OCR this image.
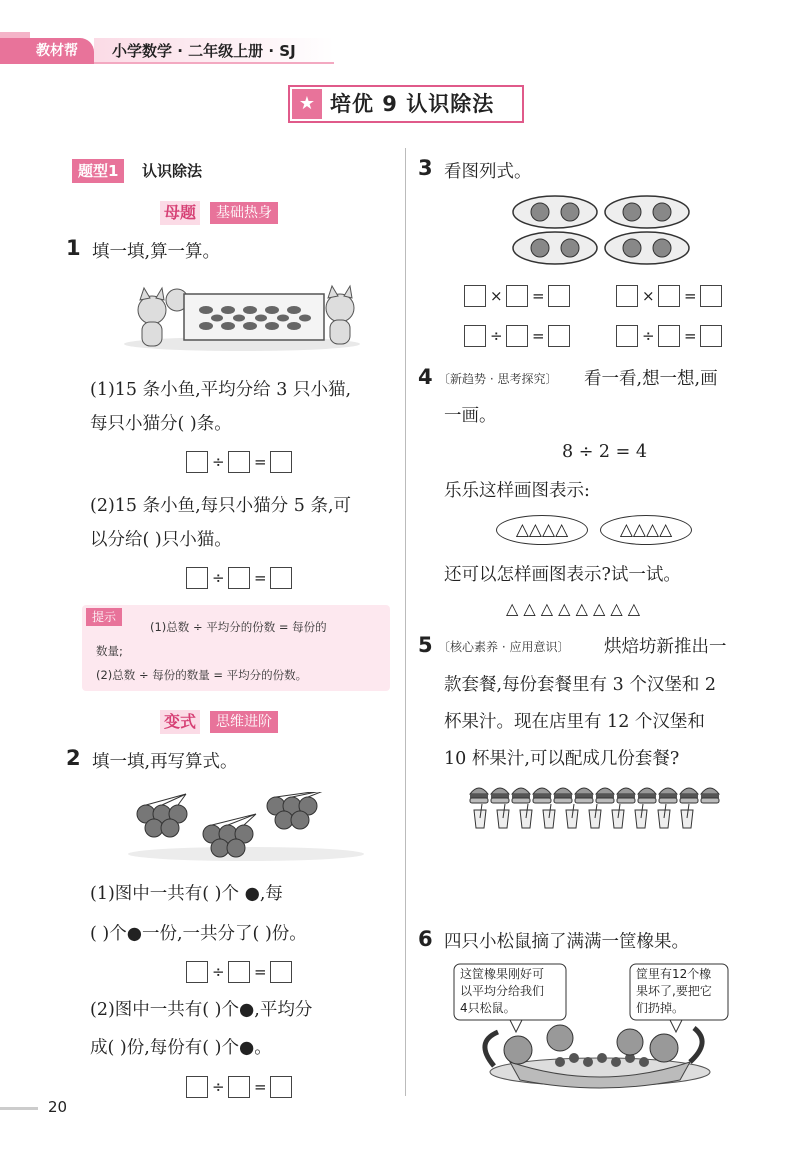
教材帮	小学数学 · 二年级上册 · SJ
★ 培优 9 认识除法
题型1	认识除法
母题	基础热身
1 填一填,算一算。
(1)15 条小鱼,平均分给 3 只小猫,
每只小猫分( )条。
÷ =
(2)15 条小鱼,每只小猫分 5 条,可
以分给( )只小猫。
÷ =
提示
(1)总数 ÷ 平均分的份数 = 每份的
数量;
(2)总数 ÷ 每份的数量 = 平均分的份数。
变式	思维进阶
2 填一填,再写算式。
(1)图中一共有( )个 ●,每
( )个●一份,一共分了( )份。
÷ =
(2)图中一共有( )个●,平均分
成( )份,每份有( )个●。
÷ =
3 看图列式。
× =	× =
÷ =	÷ =
4 〔新趋势 · 思考探究〕 看一看,想一想,画
一画。
8 ÷ 2 = 4
乐乐这样画图表示:
△△△△	△△△△
还可以怎样画图表示?试一试。
△ △ △ △ △ △ △ △
5 〔核心素养 · 应用意识〕 烘焙坊新推出一
款套餐,每份套餐里有 3 个汉堡和 2
杯果汁。现在店里有 12 个汉堡和
10 杯果汁,可以配成几份套餐?
6 四只小松鼠摘了满满一筐橡果。
这筐橡果刚好可
以平均分给我们
4只松鼠。
筐里有12个橡
果坏了,要把它
们扔掉。
20
